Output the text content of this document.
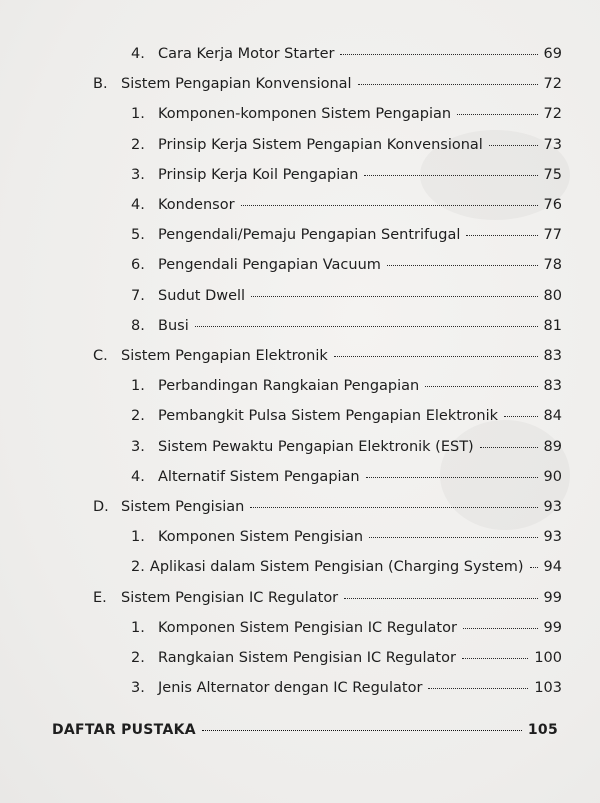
4. Cara Kerja Motor Starter	69
B. Sistem Pengapian Konvensional	72
1. Komponen-komponen Sistem Pengapian	72
2. Prinsip Kerja Sistem Pengapian Konvensional	73
3. Prinsip Kerja Koil Pengapian	75
4. Kondensor	76
5. Pengendali/Pemaju Pengapian Sentrifugal	77
6. Pengendali Pengapian Vacuum	78
7. Sudut Dwell	80
8. Busi	81
C. Sistem Pengapian Elektronik	83
1. Perbandingan Rangkaian Pengapian	83
2. Pembangkit Pulsa Sistem Pengapian Elektronik	84
3. Sistem Pewaktu Pengapian Elektronik (EST)	89
4. Alternatif Sistem Pengapian	90
D. Sistem Pengisian	93
1. Komponen Sistem Pengisian	93
2. Aplikasi dalam Sistem Pengisian (Charging System) 94
E. Sistem Pengisian IC Regulator	99
1. Komponen Sistem Pengisian IC Regulator	99
2. Rangkaian Sistem Pengisian IC Regulator	100
3. Jenis Alternator dengan IC Regulator	103
DAFTAR PUSTAKA	105
